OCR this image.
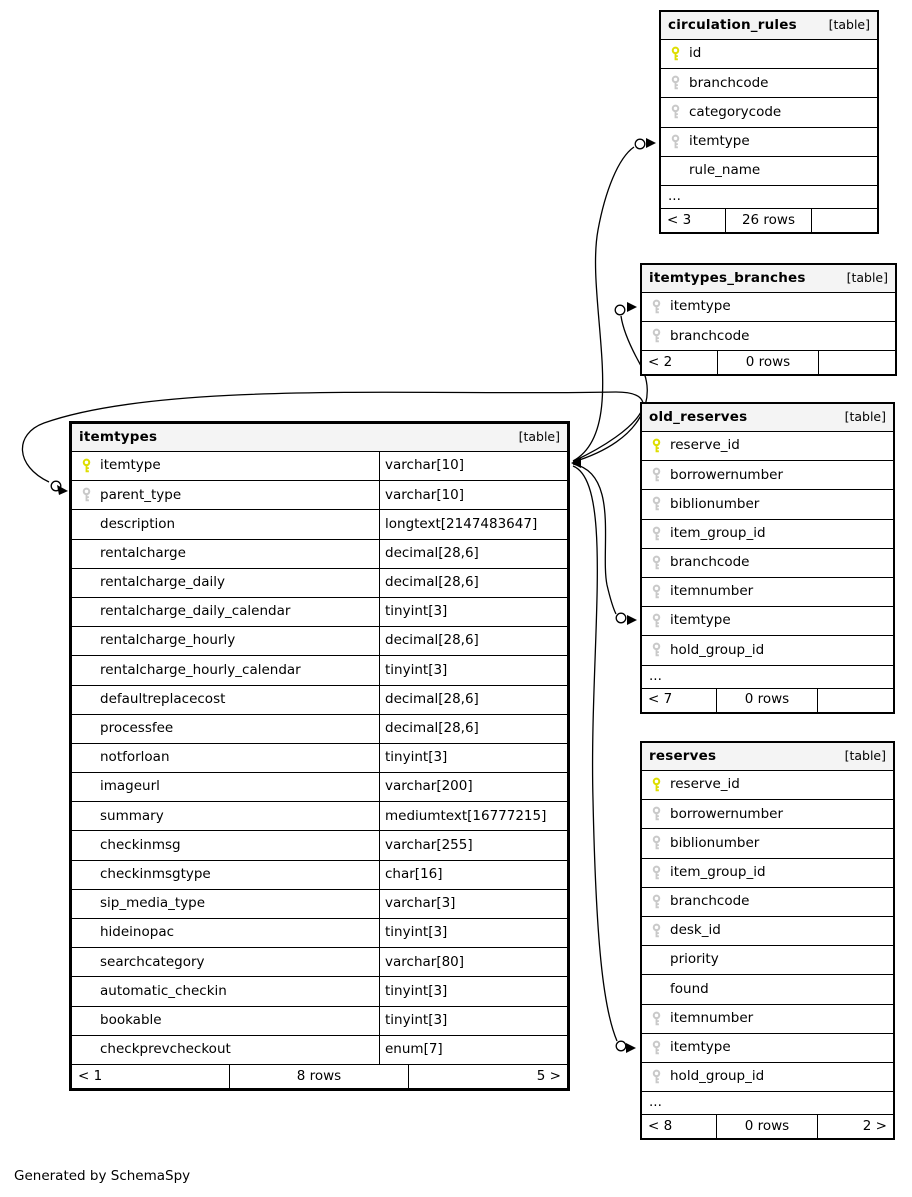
circulation_rules	[table]
id
branchcode
categorycode
itemtype
rule_name
...
< 3	26 rows
itemtypes_branches	[table]
itemtype
branchcode
< 2	0 rows
old_reserves	[table]
reserve_id
borrowernumber
biblionumber
item_group_id
branchcode
itemnumber
itemtype
hold_group_id
...
< 7	0 rows
reserves	[table]
reserve_id
borrowernumber
biblionumber
item_group_id
branchcode
desk_id
priority
found
itemnumber
itemtype
hold_group_id
...
< 8	0 rows	2 >
itemtypes	[table]
itemtype	varchar[10]
parent_type	varchar[10]
description	longtext[2147483647]
rentalcharge	decimal[28,6]
rentalcharge_daily	decimal[28,6]
rentalcharge_daily_calendar	tinyint[3]
rentalcharge_hourly	decimal[28,6]
rentalcharge_hourly_calendar	tinyint[3]
defaultreplacecost	decimal[28,6]
processfee	decimal[28,6]
notforloan	tinyint[3]
imageurl	varchar[200]
summary	mediumtext[16777215]
checkinmsg	varchar[255]
checkinmsgtype	char[16]
sip_media_type	varchar[3]
hideinopac	tinyint[3]
searchcategory	varchar[80]
automatic_checkin	tinyint[3]
bookable	tinyint[3]
checkprevcheckout	enum[7]
< 1	8 rows	5 >
Generated by SchemaSpy
